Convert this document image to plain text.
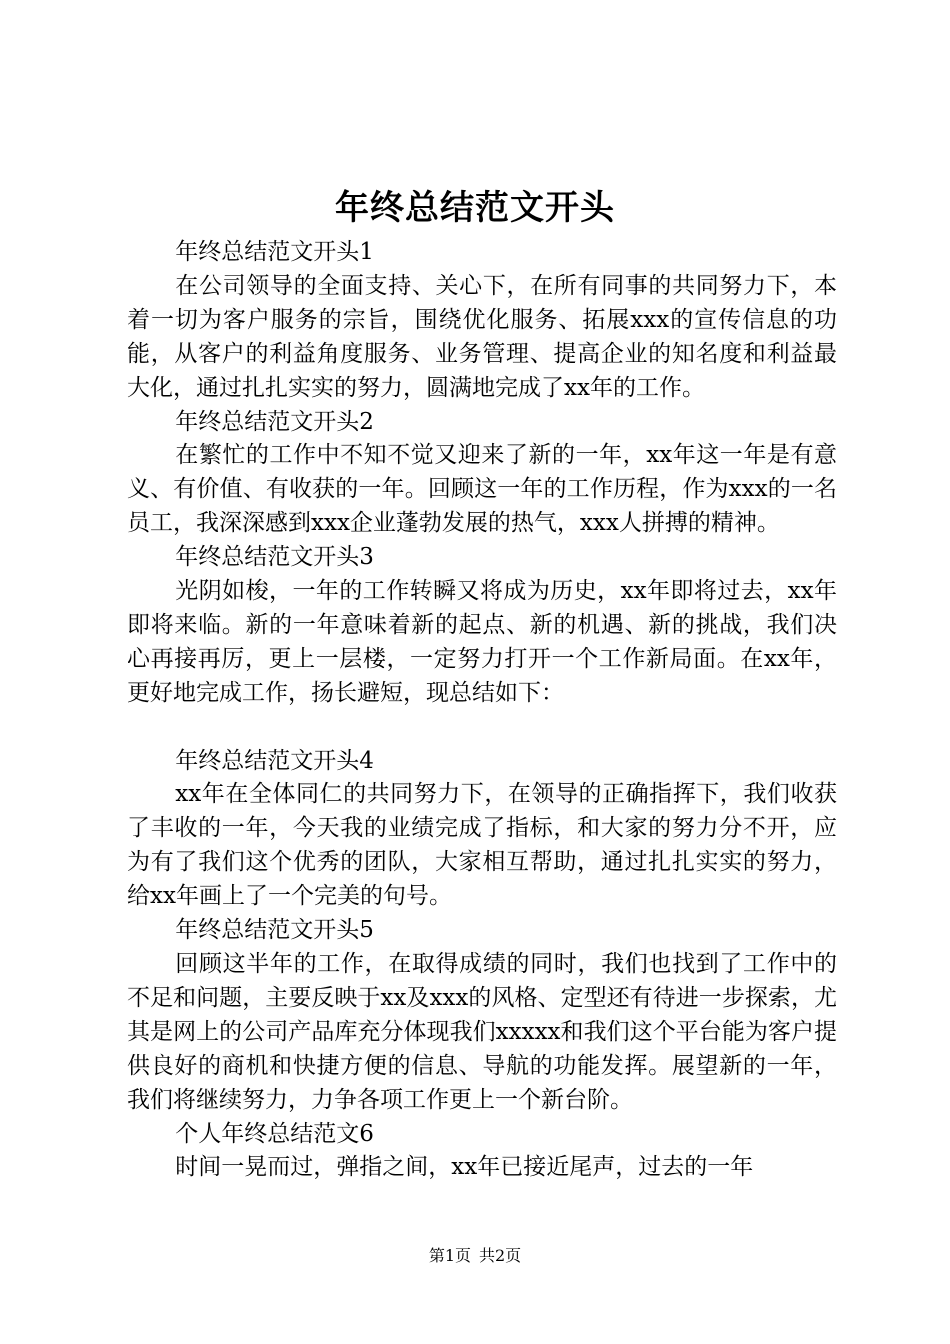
年终总结范文开头

年终总结范文开头1

在公司领导的全面支持、关心下，在所有同事的共同努力下，本着一切为客户服务的宗旨，围绕优化服务、拓展xxx的宣传信息的功能，从客户的利益角度服务、业务管理、提高企业的知名度和利益最大化，通过扎扎实实的努力，圆满地完成了xx年的工作。

年终总结范文开头2

在繁忙的工作中不知不觉又迎来了新的一年，xx年这一年是有意义、有价值、有收获的一年。回顾这一年的工作历程，作为xxx的一名员工，我深深感到xxx企业蓬勃发展的热气，xxx人拼搏的精神。

年终总结范文开头3

光阴如梭，一年的工作转瞬又将成为历史，xx年即将过去，xx年即将来临。新的一年意味着新的起点、新的机遇、新的挑战，我们决心再接再厉，更上一层楼，一定努力打开一个工作新局面。在xx年，更好地完成工作，扬长避短，现总结如下：

年终总结范文开头4

xx年在全体同仁的共同努力下，在领导的正确指挥下，我们收获了丰收的一年，今天我的业绩完成了指标，和大家的努力分不开，应为有了我们这个优秀的团队，大家相互帮助，通过扎扎实实的努力，给xx年画上了一个完美的句号。

年终总结范文开头5

回顾这半年的工作，在取得成绩的同时，我们也找到了工作中的不足和问题，主要反映于xx及xxx的风格、定型还有待进一步探索，尤其是网上的公司产品库充分体现我们xxxxx和我们这个平台能为客户提供良好的商机和快捷方便的信息、导航的功能发挥。展望新的一年，我们将继续努力，力争各项工作更上一个新台阶。

个人年终总结范文6

时间一晃而过，弹指之间，xx年已接近尾声，过去的一年

第1页 共2页
